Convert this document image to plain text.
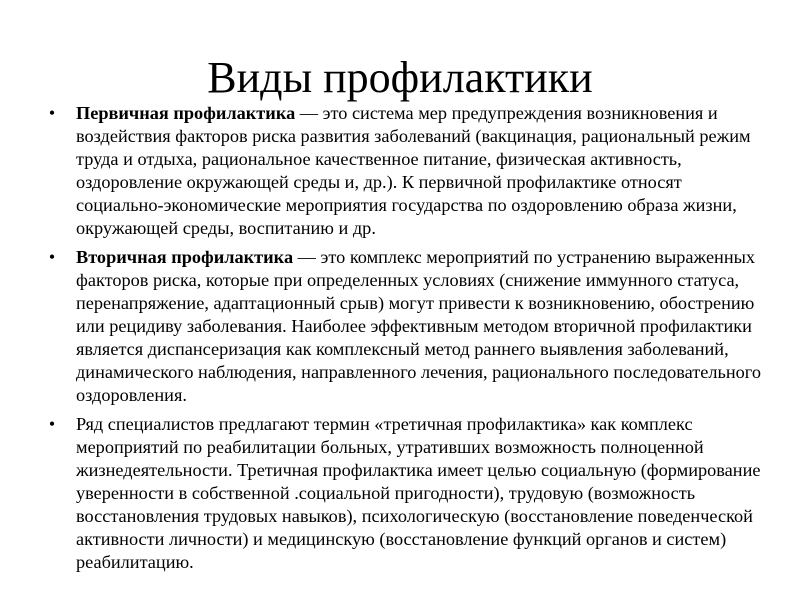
Виды профилактики
•	Первичная профилактика — это система мер предупреждения возникновения и воздействия факторов риска развития заболеваний (вакцинация, рациональный режим труда и отдыха, рациональное качественное питание, физическая активность, оздоровление окружающей среды и, др.). К первичной профилактике относят социально-экономические мероприятия государства по оздоровлению образа жизни, окружающей среды, воспитанию и др.
•	Вторичная профилактика — это комплекс мероприятий по устранению выраженных факторов риска, которые при определенных условиях (снижение иммунного статуса, перенапряжение, адаптационный срыв) могут привести к возникновению, обострению или рецидиву заболевания. Наиболее эффективным методом вторичной профилактики является диспансеризация как комплексный метод раннего выявления заболеваний, динамического наблюдения, направленного лечения, рационального последовательного оздоровления.
•	Ряд специалистов предлагают термин «третичная профилактика» как комплекс мероприятий по реабилитации больных, утративших возможность полноценной жизнедеятельности. Третичная профилактика имеет целью социальную (формирование уверенности в собственной .социальной пригодности), трудовую (возможность восстановления трудовых навыков), психологическую (восстановление поведенческой активности личности) и медицинскую (восстановление функций органов и систем) реабилитацию.
